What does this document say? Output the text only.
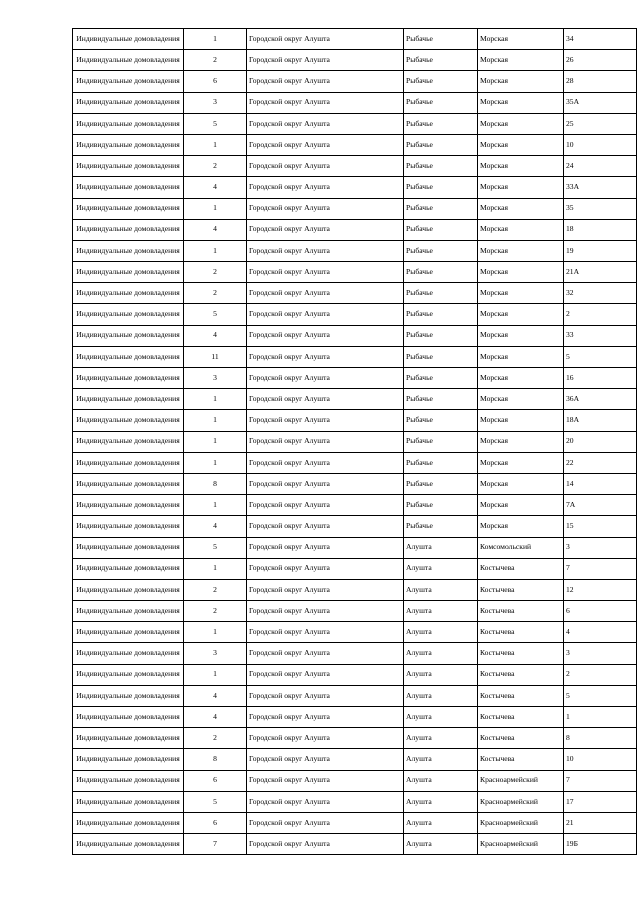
Индивидуальные домовладения	1	Городской округ Алушта	Рыбачье	Морская	34
Индивидуальные домовладения	2	Городской округ Алушта	Рыбачье	Морская	26
Индивидуальные домовладения	6	Городской округ Алушта	Рыбачье	Морская	28
Индивидуальные домовладения	3	Городской округ Алушта	Рыбачье	Морская	35А
Индивидуальные домовладения	5	Городской округ Алушта	Рыбачье	Морская	25
Индивидуальные домовладения	1	Городской округ Алушта	Рыбачье	Морская	10
Индивидуальные домовладения	2	Городской округ Алушта	Рыбачье	Морская	24
Индивидуальные домовладения	4	Городской округ Алушта	Рыбачье	Морская	33А
Индивидуальные домовладения	1	Городской округ Алушта	Рыбачье	Морская	35
Индивидуальные домовладения	4	Городской округ Алушта	Рыбачье	Морская	18
Индивидуальные домовладения	1	Городской округ Алушта	Рыбачье	Морская	19
Индивидуальные домовладения	2	Городской округ Алушта	Рыбачье	Морская	21А
Индивидуальные домовладения	2	Городской округ Алушта	Рыбачье	Морская	32
Индивидуальные домовладения	5	Городской округ Алушта	Рыбачье	Морская	2
Индивидуальные домовладения	4	Городской округ Алушта	Рыбачье	Морская	33
Индивидуальные домовладения	11	Городской округ Алушта	Рыбачье	Морская	5
Индивидуальные домовладения	3	Городской округ Алушта	Рыбачье	Морская	16
Индивидуальные домовладения	1	Городской округ Алушта	Рыбачье	Морская	36А
Индивидуальные домовладения	1	Городской округ Алушта	Рыбачье	Морская	18А
Индивидуальные домовладения	1	Городской округ Алушта	Рыбачье	Морская	20
Индивидуальные домовладения	1	Городской округ Алушта	Рыбачье	Морская	22
Индивидуальные домовладения	8	Городской округ Алушта	Рыбачье	Морская	14
Индивидуальные домовладения	1	Городской округ Алушта	Рыбачье	Морская	7А
Индивидуальные домовладения	4	Городской округ Алушта	Рыбачье	Морская	15
Индивидуальные домовладения	5	Городской округ Алушта	Алушта	Комсомольский	3
Индивидуальные домовладения	1	Городской округ Алушта	Алушта	Костычева	7
Индивидуальные домовладения	2	Городской округ Алушта	Алушта	Костычева	12
Индивидуальные домовладения	2	Городской округ Алушта	Алушта	Костычева	6
Индивидуальные домовладения	1	Городской округ Алушта	Алушта	Костычева	4
Индивидуальные домовладения	3	Городской округ Алушта	Алушта	Костычева	3
Индивидуальные домовладения	1	Городской округ Алушта	Алушта	Костычева	2
Индивидуальные домовладения	4	Городской округ Алушта	Алушта	Костычева	5
Индивидуальные домовладения	4	Городской округ Алушта	Алушта	Костычева	1
Индивидуальные домовладения	2	Городской округ Алушта	Алушта	Костычева	8
Индивидуальные домовладения	8	Городской округ Алушта	Алушта	Костычева	10
Индивидуальные домовладения	6	Городской округ Алушта	Алушта	Красноармейский	7
Индивидуальные домовладения	5	Городской округ Алушта	Алушта	Красноармейский	17
Индивидуальные домовладения	6	Городской округ Алушта	Алушта	Красноармейский	21
Индивидуальные домовладения	7	Городской округ Алушта	Алушта	Красноармейский	19Б
